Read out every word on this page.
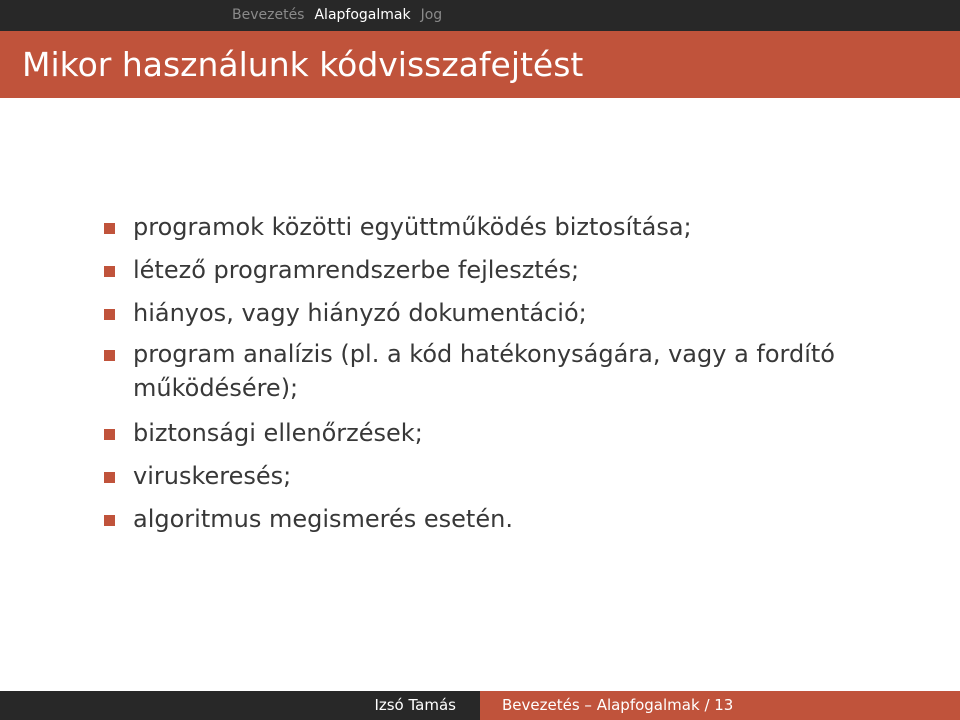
Bevezetés Alapfogalmak Jog
Mikor használunk kódvisszafejtést
programok közötti együttműködés biztosítása;
létező programrendszerbe fejlesztés;
hiányos, vagy hiányzó dokumentáció;
program analízis (pl. a kód hatékonyságára, vagy a fordító működésére);
biztonsági ellenőrzések;
viruskeresés;
algoritmus megismerés esetén.
Izsó Tamás	Bevezetés – Alapfogalmak / 13
